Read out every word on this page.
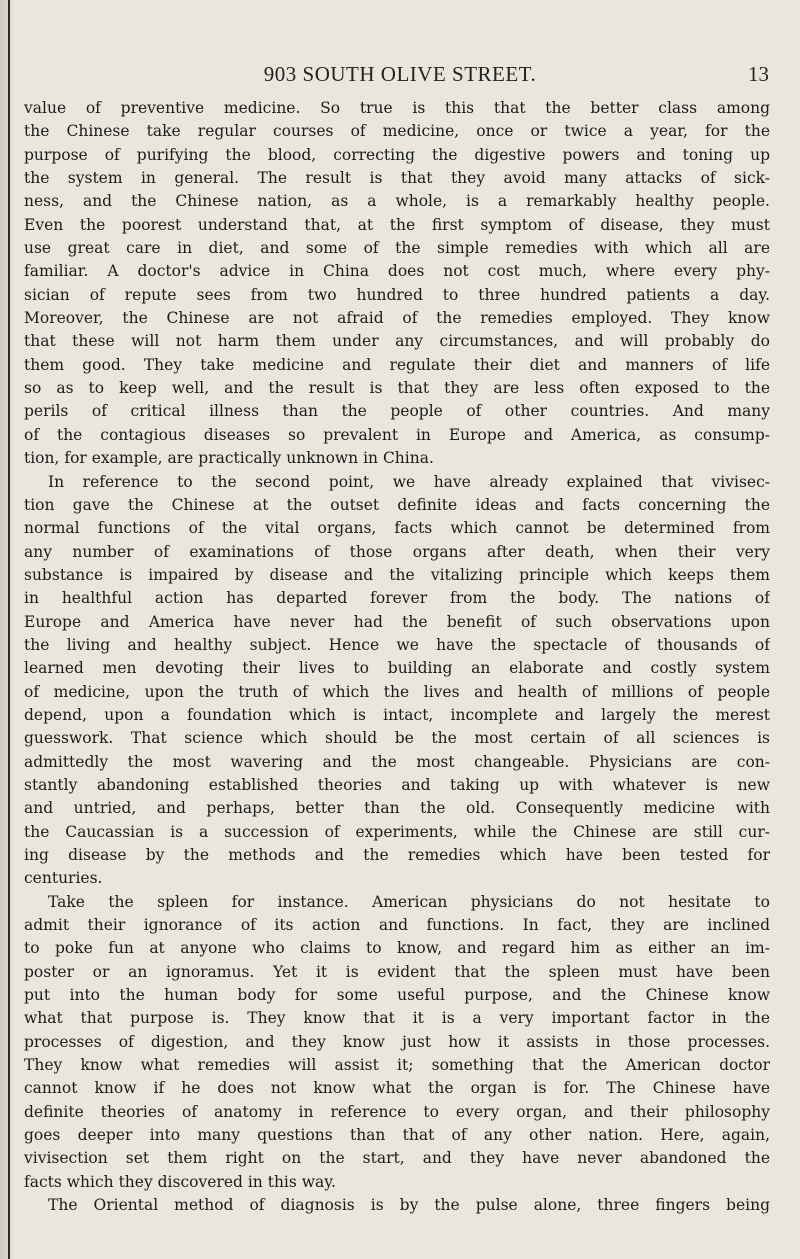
903 SOUTH OLIVE STREET.	13
value of preventive medicine. So true is this that the better class among
the Chinese take regular courses of medicine, once or twice a year, for the
purpose of purifying the blood, correcting the digestive powers and toning up
the system in general. The result is that they avoid many attacks of sick-
ness, and the Chinese nation, as a whole, is a remarkably healthy people.
Even the poorest understand that, at the first symptom of disease, they must
use great care in diet, and some of the simple remedies with which all are
familiar. A doctor's advice in China does not cost much, where every phy-
sician of repute sees from two hundred to three hundred patients a day.
Moreover, the Chinese are not afraid of the remedies employed. They know
that these will not harm them under any circumstances, and will probably do
them good. They take medicine and regulate their diet and manners of life
so as to keep well, and the result is that they are less often exposed to the
perils of critical illness than the people of other countries. And many
of the contagious diseases so prevalent in Europe and America, as consump-
tion, for example, are practically unknown in China.
In reference to the second point, we have already explained that vivisec-
tion gave the Chinese at the outset definite ideas and facts concerning the
normal functions of the vital organs, facts which cannot be determined from
any number of examinations of those organs after death, when their very
substance is impaired by disease and the vitalizing principle which keeps them
in healthful action has departed forever from the body. The nations of
Europe and America have never had the benefit of such observations upon
the living and healthy subject. Hence we have the spectacle of thousands of
learned men devoting their lives to building an elaborate and costly system
of medicine, upon the truth of which the lives and health of millions of people
depend, upon a foundation which is intact, incomplete and largely the merest
guesswork. That science which should be the most certain of all sciences is
admittedly the most wavering and the most changeable. Physicians are con-
stantly abandoning established theories and taking up with whatever is new
and untried, and perhaps, better than the old. Consequently medicine with
the Caucassian is a succession of experiments, while the Chinese are still cur-
ing disease by the methods and the remedies which have been tested for
centuries.
Take the spleen for instance. American physicians do not hesitate to
admit their ignorance of its action and functions. In fact, they are inclined
to poke fun at anyone who claims to know, and regard him as either an im-
poster or an ignoramus. Yet it is evident that the spleen must have been
put into the human body for some useful purpose, and the Chinese know
what that purpose is. They know that it is a very important factor in the
processes of digestion, and they know just how it assists in those processes.
They know what remedies will assist it; something that the American doctor
cannot know if he does not know what the organ is for. The Chinese have
definite theories of anatomy in reference to every organ, and their philosophy
goes deeper into many questions than that of any other nation. Here, again,
vivisection set them right on the start, and they have never abandoned the
facts which they discovered in this way.
The Oriental method of diagnosis is by the pulse alone, three fingers being
